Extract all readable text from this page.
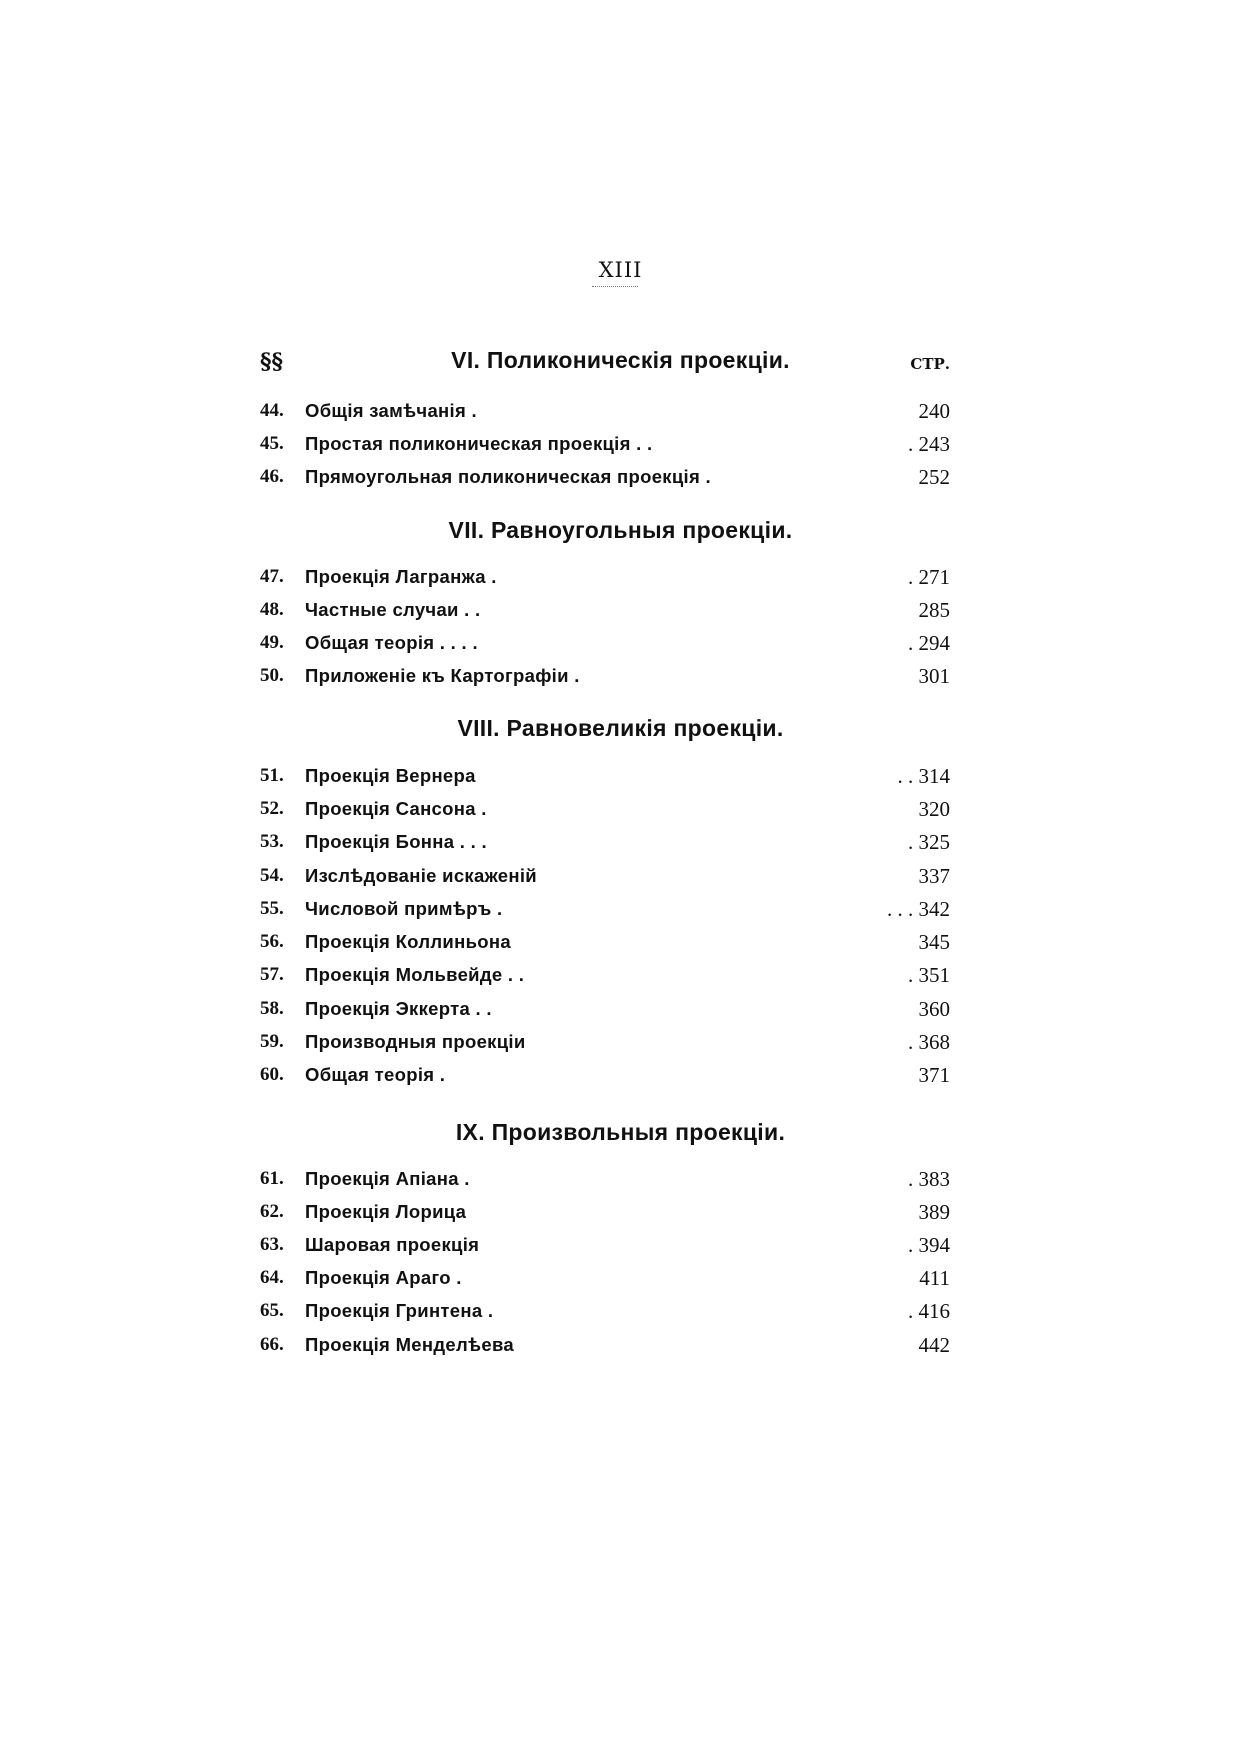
XIII
§§	VI. Поликоническія проекціи.	СТР.
44.	Общія замѣчанія .	240
45.	Простая поликоническая проекція . .	. 243
46.	Прямоугольная поликоническая проекція .	252
VII. Равноугольныя проекціи.
47.	Проекція Лагранжа .	. 271
48.	Частные случаи . .	285
49.	Общая теорія . . . .	. 294
50.	Приложеніе къ Картографіи .	301
VIII. Равновеликія проекціи.
51.	Проекція Вернера	. . 314
52.	Проекція Сансона .	320
53.	Проекція Бонна . . .	. 325
54.	Изслѣдованіе искаженій	337
55.	Числовой примѣръ .	. . . 342
56.	Проекція Коллиньона	345
57.	Проекція Мольвейде . .	. 351
58.	Проекція Эккерта . .	360
59.	Производныя проекціи	. 368
60.	Общая теорія .	371
IX. Произвольныя проекціи.
61.	Проекція Апіана .	. 383
62.	Проекція Лорица	389
63.	Шаровая проекція	. 394
64.	Проекція Араго .	411
65.	Проекція Гринтена .	. 416
66.	Проекція Менделѣева	442
